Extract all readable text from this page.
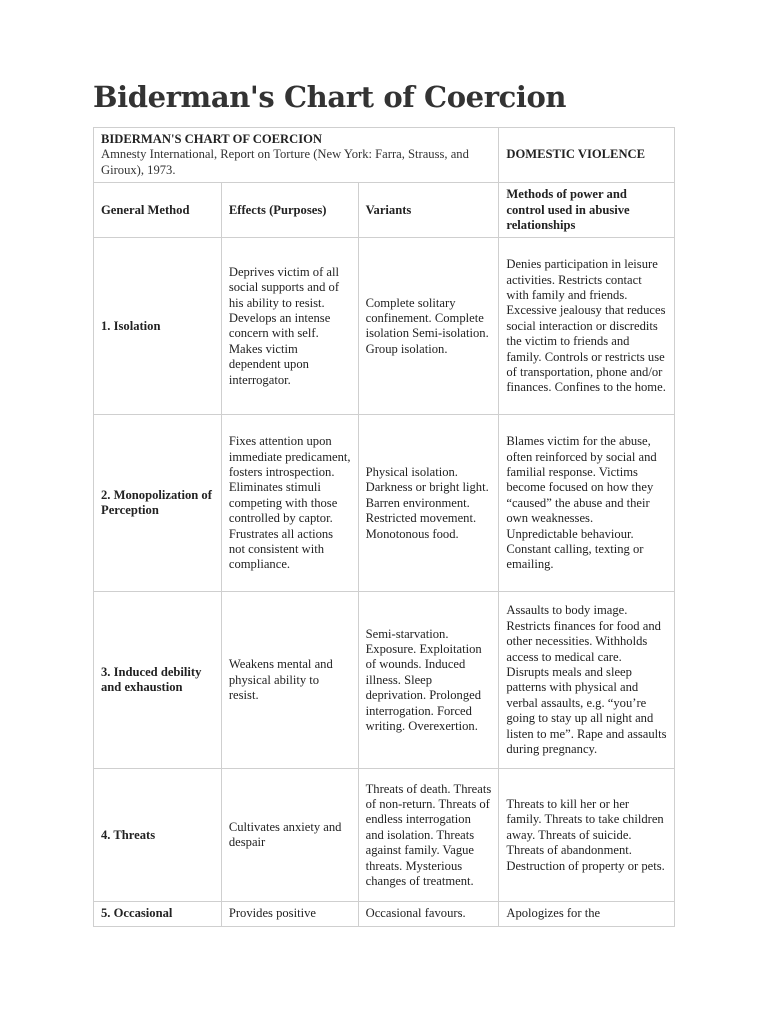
Biderman's Chart of Coercion
BIDERMAN'S CHART OF COERCION
Amnesty International, Report on Torture (New York: Farra, Strauss, and Giroux), 1973.			DOMESTIC VIOLENCE
General Method	Effects (Purposes)	Variants	Methods of power and control used in abusive relationships
1. Isolation	Deprives victim of all social supports and of his ability to resist. Develops an intense concern with self. Makes victim dependent upon interrogator.	Complete solitary confinement. Complete isolation Semi-isolation. Group isolation.	Denies participation in leisure activities. Restricts contact with family and friends. Excessive jealousy that reduces social interaction or discredits the victim to friends and family. Controls or restricts use of transportation, phone and/or finances. Confines to the home.
2. Monopolization of Perception	Fixes attention upon immediate predicament, fosters introspection. Eliminates stimuli competing with those controlled by captor. Frustrates all actions not consistent with compliance.	Physical isolation. Darkness or bright light. Barren environment. Restricted movement. Monotonous food.	Blames victim for the abuse, often reinforced by social and familial response. Victims become focused on how they “caused” the abuse and their own weaknesses. Unpredictable behaviour. Constant calling, texting or emailing.
3. Induced debility and exhaustion	Weakens mental and physical ability to resist.	Semi-starvation. Exposure. Exploitation of wounds. Induced illness. Sleep deprivation. Prolonged interrogation. Forced writing. Overexertion.	Assaults to body image. Restricts finances for food and other necessities. Withholds access to medical care. Disrupts meals and sleep patterns with physical and verbal assaults, e.g. “you’re going to stay up all night and listen to me”. Rape and assaults during pregnancy.
4. Threats	Cultivates anxiety and despair	Threats of death. Threats of non-return. Threats of endless interrogation and isolation. Threats against family. Vague threats. Mysterious changes of treatment.	Threats to kill her or her family. Threats to take children away. Threats of suicide. Threats of abandonment. Destruction of property or pets.
5. Occasional	Provides positive	Occasional favours.	Apologizes for the
